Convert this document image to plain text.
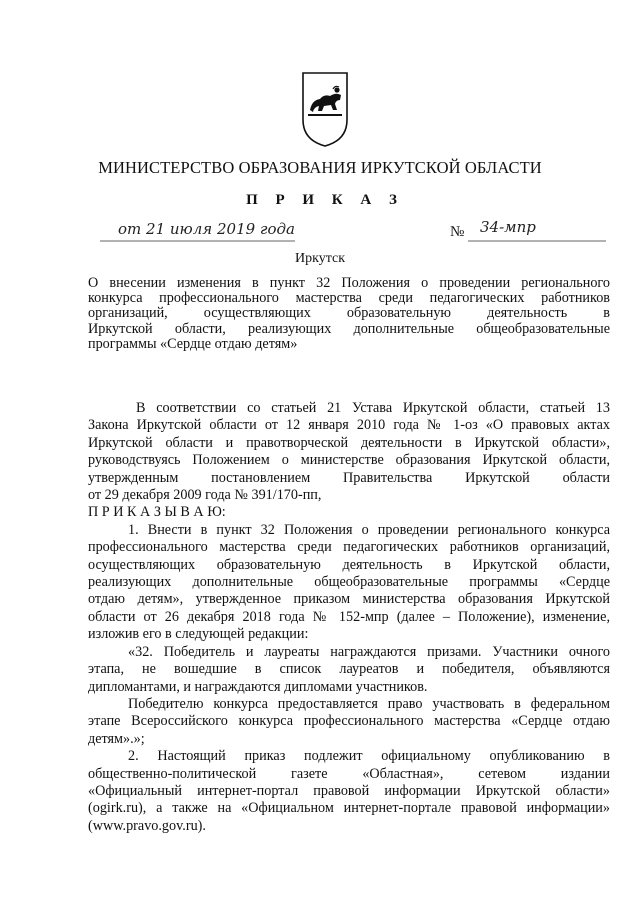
МИНИСТЕРСТВО ОБРАЗОВАНИЯ ИРКУТСКОЙ ОБЛАСТИ
П Р И К А З
от 21 июля 2019 года	№ 34-мпр
Иркутск
О внесении изменения в пункт 32 Положения о проведении регионального
конкурса профессионального мастерства среди педагогических работников
организаций, осуществляющих образовательную деятельность в
Иркутской области, реализующих дополнительные общеобразовательные
программы «Сердце отдаю детям»
В соответствии со статьей 21 Устава Иркутской области, статьей 13
Закона Иркутской области от 12 января 2010 года № 1-оз «О правовых актах
Иркутской области и правотворческой деятельности в Иркутской области»,
руководствуясь Положением о министерстве образования Иркутской области,
утвержденным постановлением Правительства Иркутской области
от 29 декабря 2009 года № 391/170-пп,
П Р И К А З Ы В А Ю:
1. Внести в пункт 32 Положения о проведении регионального конкурса
профессионального мастерства среди педагогических работников организаций,
осуществляющих образовательную деятельность в Иркутской области,
реализующих дополнительные общеобразовательные программы «Сердце
отдаю детям», утвержденное приказом министерства образования Иркутской
области от 26 декабря 2018 года № 152-мпр (далее – Положение), изменение,
изложив его в следующей редакции:
«32. Победитель и лауреаты награждаются призами. Участники очного
этапа, не вошедшие в список лауреатов и победителя, объявляются
дипломантами, и награждаются дипломами участников.
Победителю конкурса предоставляется право участвовать в федеральном
этапе Всероссийского конкурса профессионального мастерства «Сердце отдаю
детям».»;
2. Настоящий приказ подлежит официальному опубликованию в
общественно-политической газете «Областная», сетевом издании
«Официальный интернет-портал правовой информации Иркутской области»
(ogirk.ru), а также на «Официальном интернет-портале правовой информации»
(www.pravo.gov.ru).
